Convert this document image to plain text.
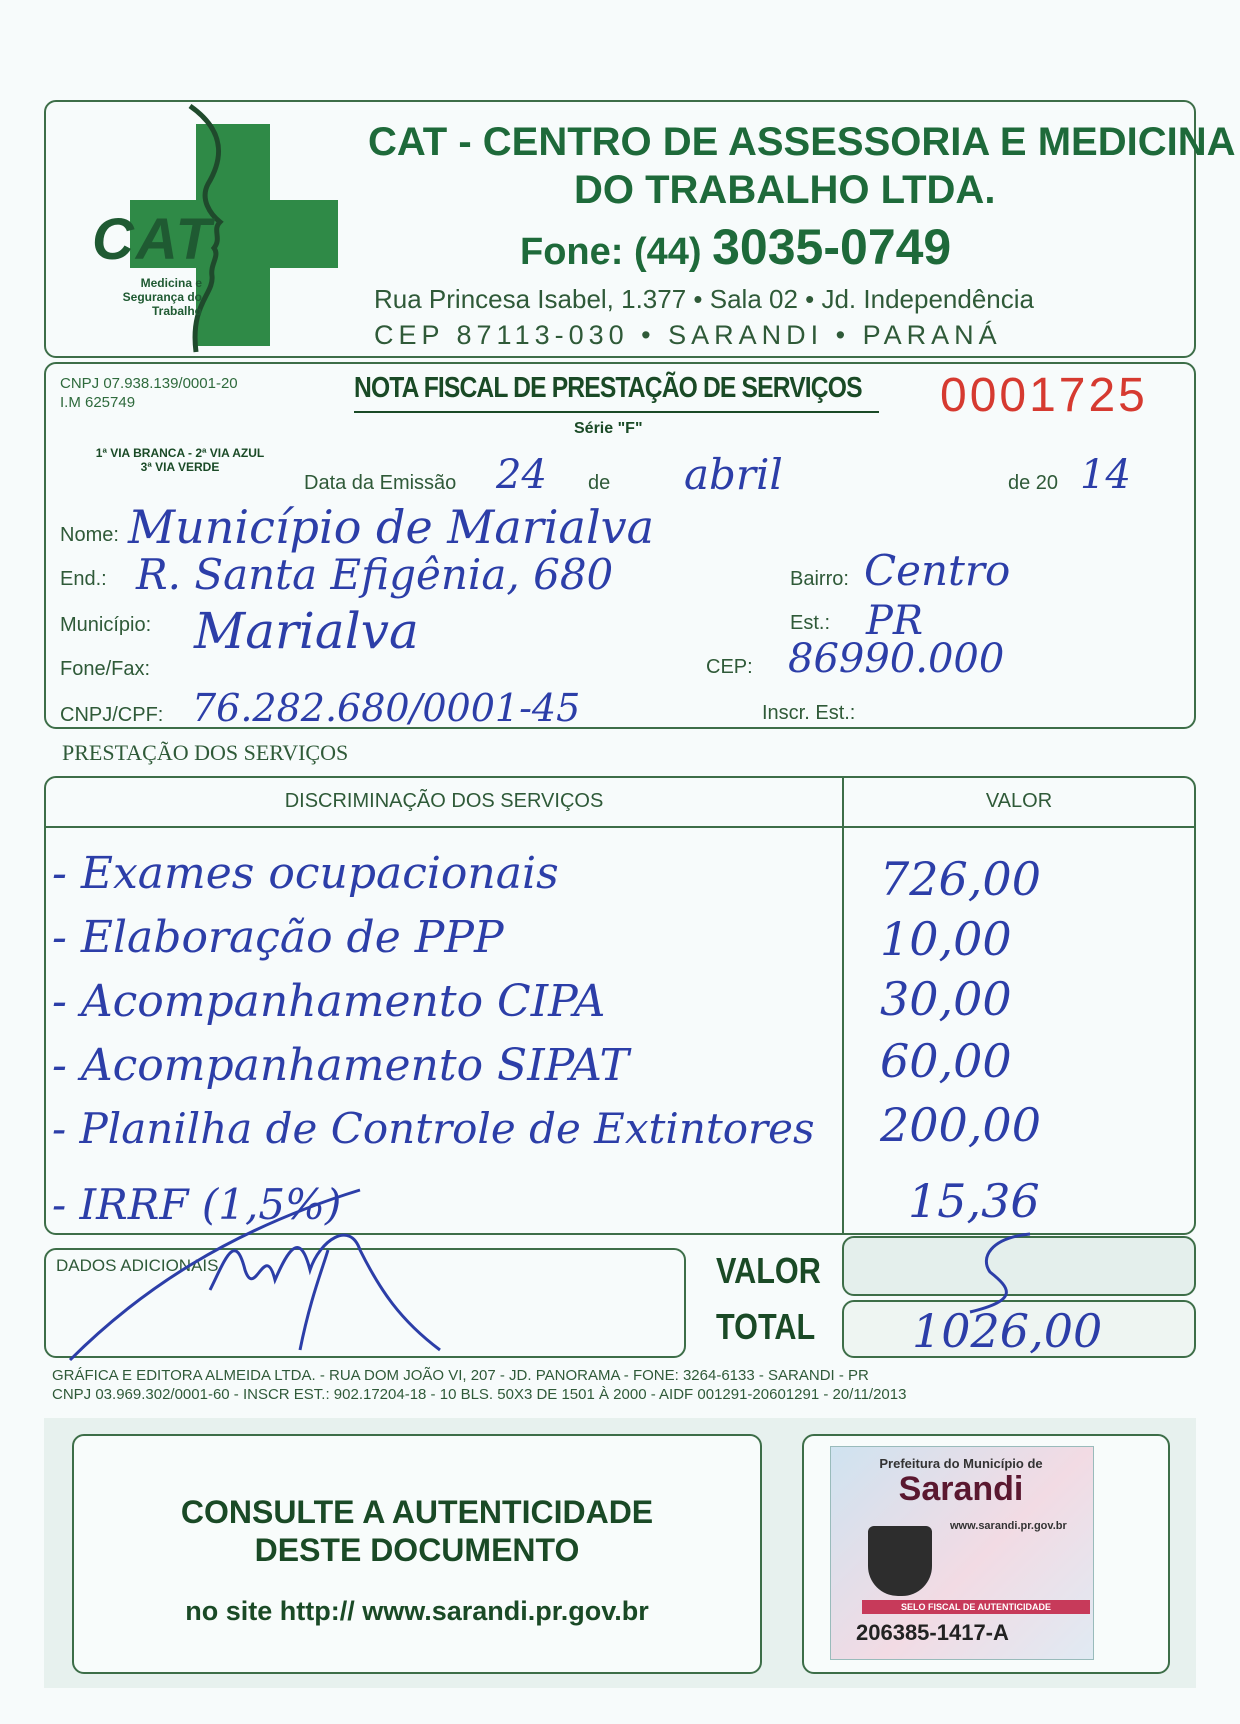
CAT
Medicina e Segurança do Trabalho
CAT - CENTRO DE ASSESSORIA E MEDICINA
DO TRABALHO LTDA.
Fone: (44) 3035-0749
Rua Princesa Isabel, 1.377 • Sala 02 • Jd. Independência
CEP 87113-030 • SARANDI • PARANÁ
CNPJ 07.938.139/0001-20
I.M 625749	NOTA FISCAL DE PRESTAÇÃO DE SERVIÇOS
Série "F"
0001725
1ª VIA BRANCA - 2ª VIA AZUL
3ª VIA VERDE
Data da Emissão 24 de abril	de 20 14
Nome: Município de Marialva
End.: R. Santa Efigênia, 680	Bairro: Centro
Município: Marialva	Est.: PR
Fone/Fax:	CEP: 86990.000
CNPJ/CPF: 76.282.680/0001-45	Inscr. Est.:
PRESTAÇÃO DOS SERVIÇOS
DISCRIMINAÇÃO DOS SERVIÇOS	VALOR
- Exames ocupacionais	726,00
- Elaboração de PPP	10,00
- Acompanhamento CIPA	30,00
- Acompanhamento SIPAT	60,00
- Planilha de Controle de Extintores 200,00
- IRRF (1,5%)	15,36
DADOS ADICIONAIS	VALOR
TOTAL 1026,00
GRÁFICA E EDITORA ALMEIDA LTDA. - RUA DOM JOÃO VI, 207 - JD. PANORAMA - FONE: 3264-6133 - SARANDI - PR
CNPJ 03.969.302/0001-60 - INSCR EST.: 902.17204-18 - 10 BLS. 50X3 DE 1501 À 2000 - AIDF 001291-20601291 - 20/11/2013
CONSULTE A AUTENTICIDADE
DESTE DOCUMENTO
no site http:// www.sarandi.pr.gov.br
Prefeitura do Município de
Sarandi
www.sarandi.pr.gov.br
SELO FISCAL DE AUTENTICIDADE
206385-1417-A
